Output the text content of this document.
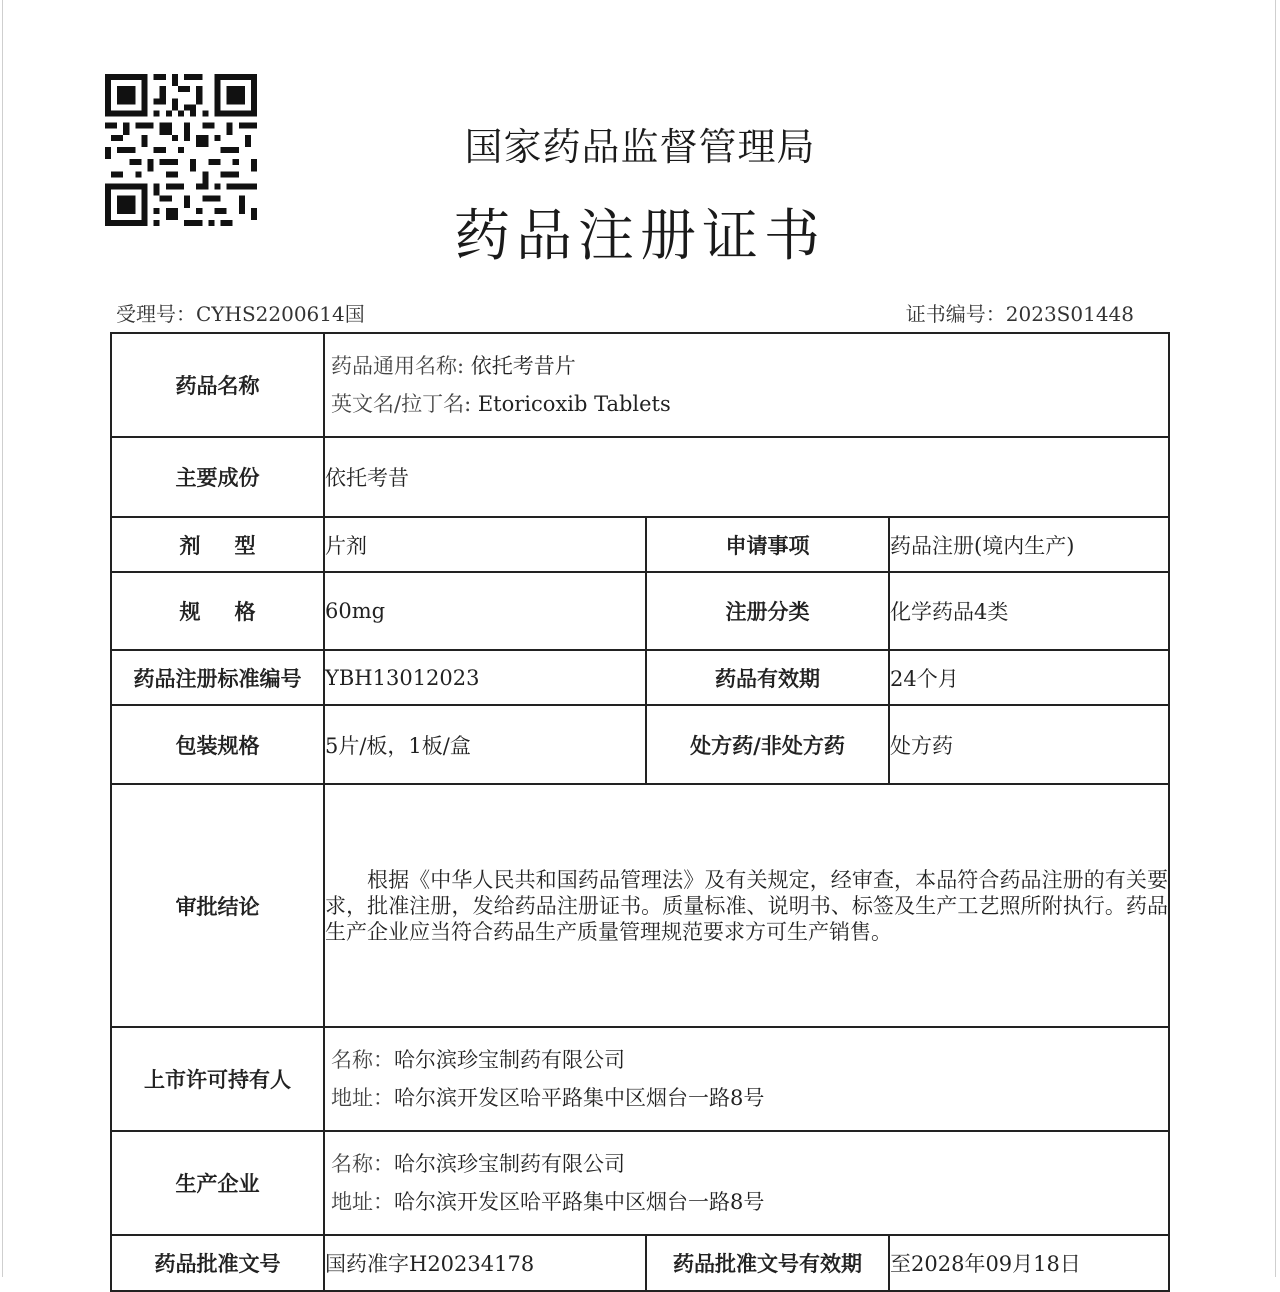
国家药品监督管理局
药品注册证书
受理号：CYHS2200614国	证书编号：2023S01448
药品名称	药品通用名称: 依托考昔片
英文名/拉丁名: Etoricoxib Tablets		

主要成份	依托考昔		
剂型	片剂	申请事项	药品注册(境内生产)
规格	60mg	注册分类	化学药品4类
药品注册标准编号	YBH13012023	药品有效期	24个月
包装规格	5片/板，1板/盒	处方药/非处方药	处方药
审批结论	根据《中华人民共和国药品管理法》及有关规定，经审查，本品符合药品注册的有关要求，批准注册，发给药品注册证书。质量标准、说明书、标签及生产工艺照所附执行。药品生产企业应当符合药品生产质量管理规范要求方可生产销售。		

上市许可持有人	名称：哈尔滨珍宝制药有限公司
地址：哈尔滨开发区哈平路集中区烟台一路8号		

生产企业	名称：哈尔滨珍宝制药有限公司
地址：哈尔滨开发区哈平路集中区烟台一路8号		

药品批准文号	国药准字H20234178	药品批准文号有效期	至2028年09月18日
